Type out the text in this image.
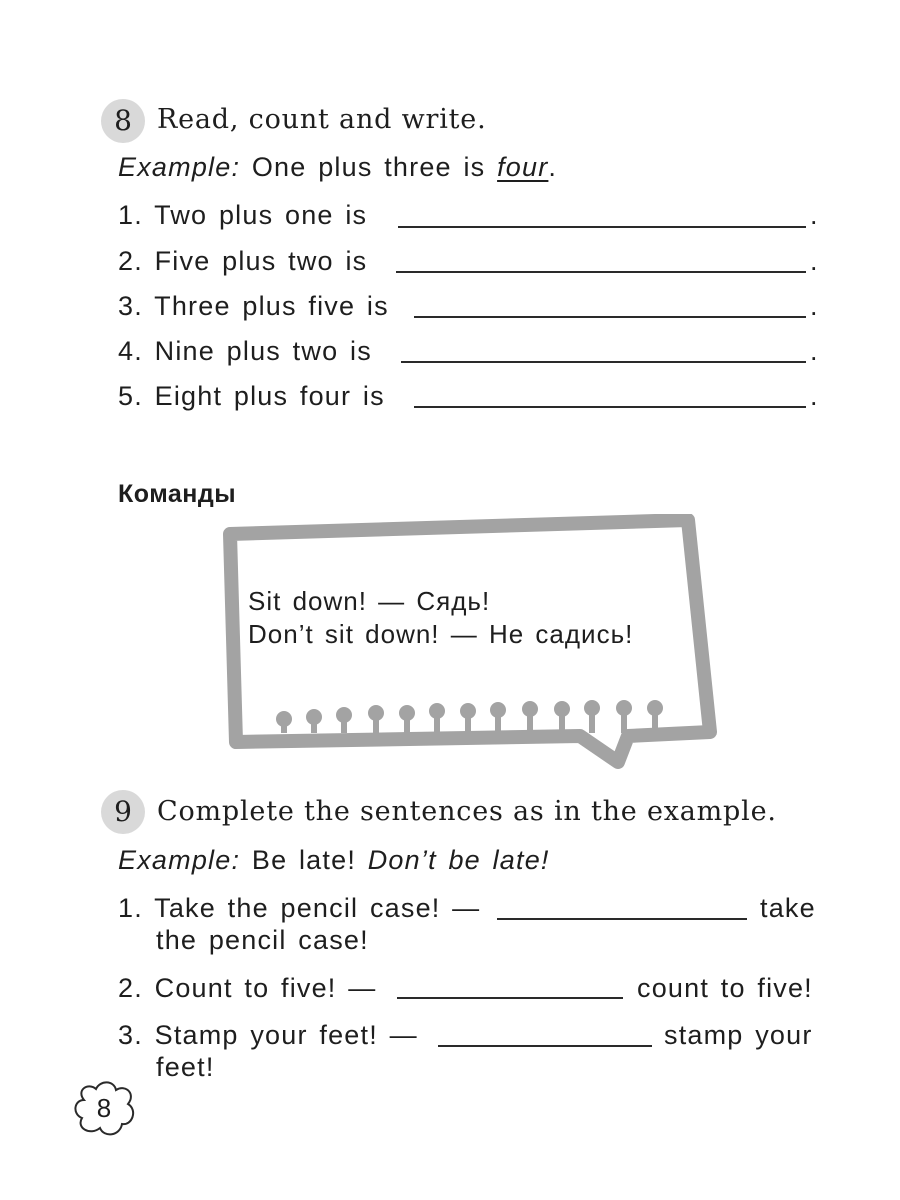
8 Read, count and write.
Example: One plus three is four.
1. Two plus one is	.
2. Five plus two is	.
3. Three plus five is	.
4. Nine plus two is	.
5. Eight plus four is	.
Команды
Sit down! — Сядь!
Don’t sit down! — Не садись!
9 Complete the sentences as in the example.
Example: Be late! Don’t be late!
1. Take the pencil case! —	take
the pencil case!
2. Count to five! —	count to five!
3. Stamp your feet! —	stamp your
feet!
8
